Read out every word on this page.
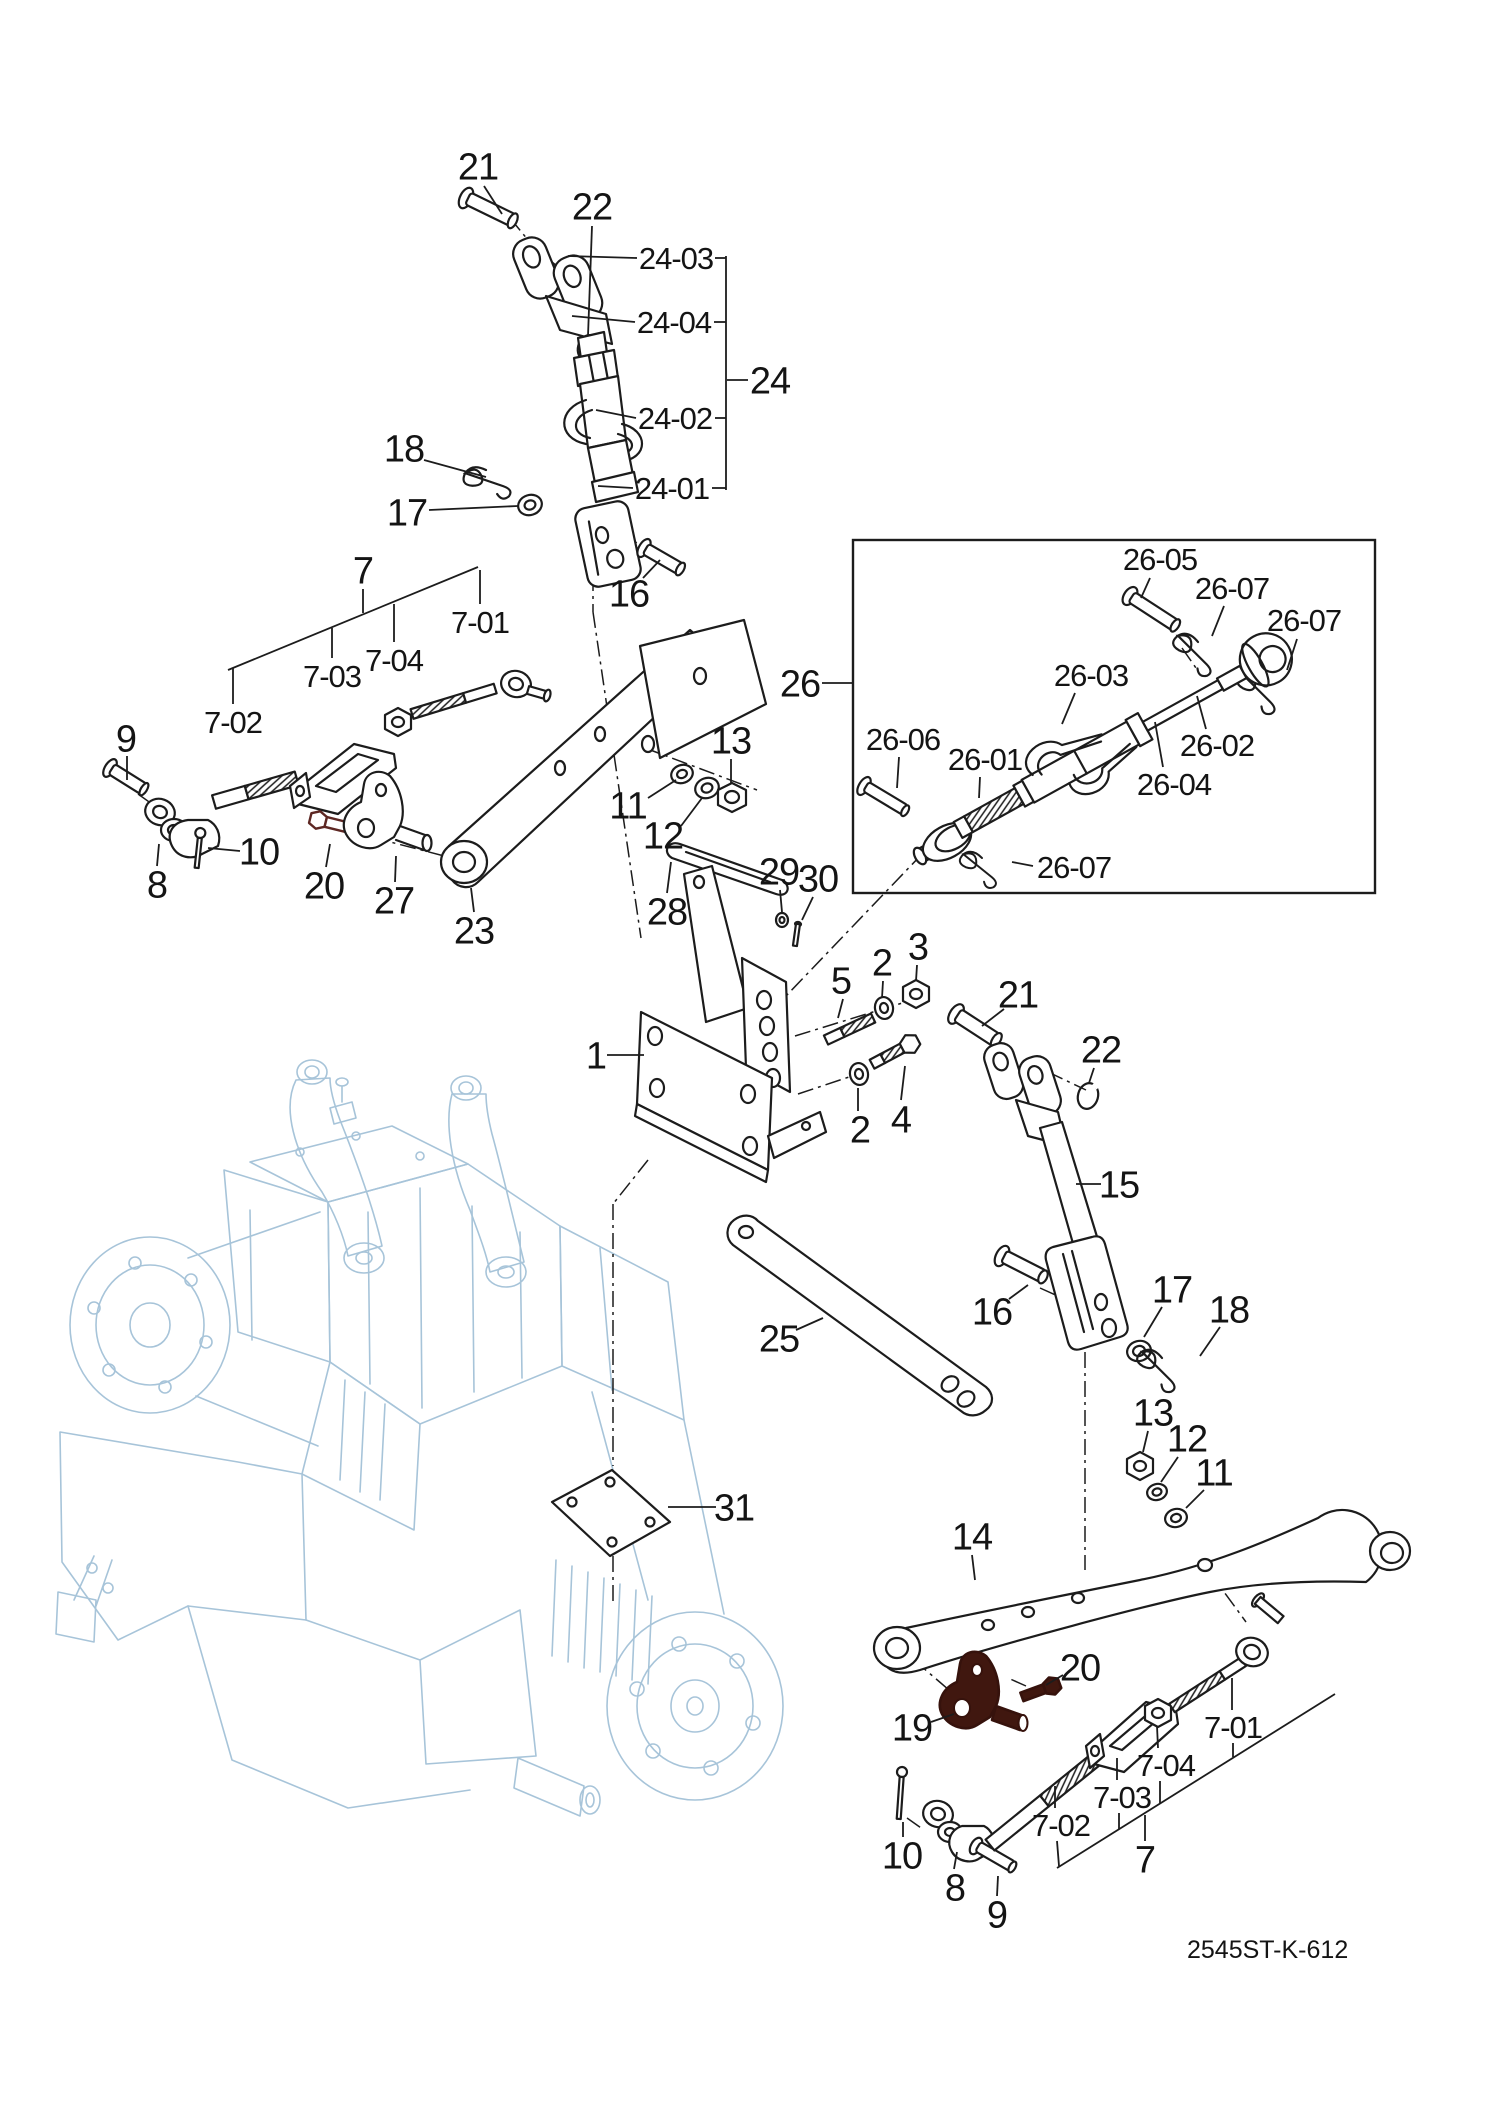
21
22
24-03
24-04
24-02
24-01
24
18
17
16
7
7-01
7-04
7-03
7-02
9
10
8	20 27
23
26
26-05
26-07
26-07
26-03
26-06
26-01	26-02
26-04
26-07
13
11
12
28
29
30
1
5 2 3
4
2
21
22
15
16
17 18
25
31
14
13
12
11
19
20
10
8
9
7-02
7-03
7-04
7-01
7
2545ST-K-612
